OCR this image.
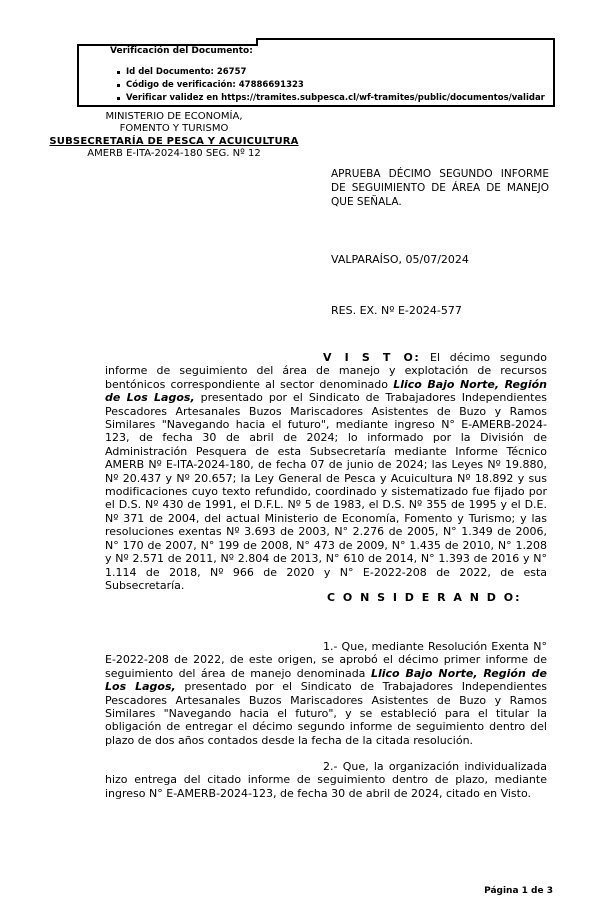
Verificación del Documento:
Id del Documento: 26757
Código de verificación: 47886691323
Verificar validez en https://tramites.subpesca.cl/wf-tramites/public/documentos/validar
MINISTERIO DE ECONOMÍA,
FOMENTO Y TURISMO
SUBSECRETARÍA DE PESCA Y ACUICULTURA
AMERB E-ITA-2024-180 SEG. Nº 12
APRUEBA DÉCIMO SEGUNDO INFORME DE SEGUIMIENTO DE ÁREA DE MANEJO QUE SEÑALA.
VALPARAÍSO, 05/07/2024
RES. EX. Nº E-2024-577

V I S T O: El décimo segundo informe de seguimiento del área de manejo y explotación de recursos bentónicos correspondiente al sector denominado Llico Bajo Norte, Región de Los Lagos, presentado por el Sindicato de Trabajadores Independientes Pescadores Artesanales Buzos Mariscadores Asistentes de Buzo y Ramos Similares "Navegando hacia el futuro", mediante ingreso N° E-AMERB-2024-123, de fecha 30 de abril de 2024; lo informado por la División de Administración Pesquera de esta Subsecretaría mediante Informe Técnico AMERB Nº E-ITA-2024-180, de fecha 07 de junio de 2024; las Leyes Nº 19.880, Nº 20.437 y Nº 20.657; la Ley General de Pesca y Acuicultura Nº 18.892 y sus modificaciones cuyo texto refundido, coordinado y sistematizado fue fijado por el D.S. Nº 430 de 1991, el D.F.L. Nº 5 de 1983, el D.S. Nº 355 de 1995 y el D.E. Nº 371 de 2004, del actual Ministerio de Economía, Fomento y Turismo; y las resoluciones exentas Nº 3.693 de 2003, N° 2.276 de 2005, N° 1.349 de 2006, N° 170 de 2007, N° 199 de 2008, N° 473 de 2009, N° 1.435 de 2010, N° 1.208 y Nº 2.571 de 2011, Nº 2.804 de 2013, N° 610 de 2014, N° 1.393 de 2016 y N° 1.114 de 2018, Nº 966 de 2020 y N° E-2022-208 de 2022, de esta Subsecretaría.

C O N S I D E R A N D O:

1.- Que, mediante Resolución Exenta N° E-2022-208 de 2022, de este origen, se aprobó el décimo primer informe de seguimiento del área de manejo denominada Llico Bajo Norte, Región de Los Lagos, presentado por el Sindicato de Trabajadores Independientes Pescadores Artesanales Buzos Mariscadores Asistentes de Buzo y Ramos Similares "Navegando hacia el futuro", y se estableció para el titular la obligación de entregar el décimo segundo informe de seguimiento dentro del plazo de dos años contados desde la fecha de la citada resolución.

2.- Que, la organización individualizada hizo entrega del citado informe de seguimiento dentro de plazo, mediante ingreso N° E-AMERB-2024-123, de fecha 30 de abril de 2024, citado en Visto.

Página 1 de 3
